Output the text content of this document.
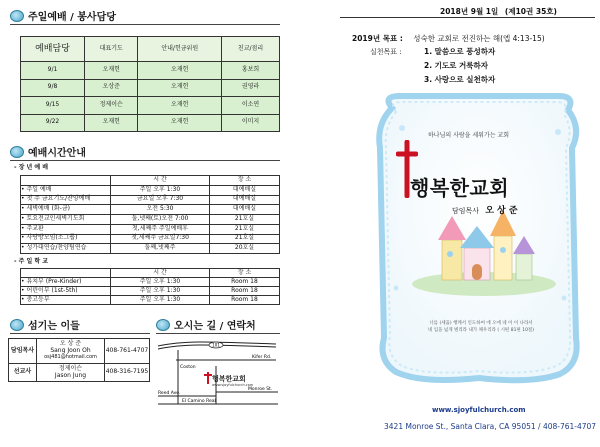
주일예배 / 봉사담당
예배담당	대표기도	안내/헌금위원	친교/점리
9/1	오재헌	오재헌	홍보희
9/8	오상준	오재헌	권영라
9/15	정제이슨	오재헌	이소연
9/22	오재헌	오재헌	이미지
예배시간안내
- 장 년 예 배
	시 간	장 소
• 주일 예배	주일 오후 1:30	대예배실
• 첫 주 금요기도/찬양예배	금요일 오후 7:30	대예배실
• 새벽예배 (화-금)	오전 5:30	대예배실
• 토요전교인새벽기도회	둘,넷째(토)오전 7:00	21호실
• 주교환	첫,세째주 주일예배후	21호실
• 사랑방모임(소그룹)	첫,세째주 금요일7:30	21호실
• 성가대연습/찬양팀연습	둘째,넷째주	20호실
- 주 일 학 교
	시 간	장 소
• 유치부 (Pre-Kinder)	주일 오후 1:30	Room 18
• 어린이부 (1st-5th)	주일 오후 1:30	Room 18
• 중고등부	주일 오후 1:30	Room 18
섬기는 이들
담임목사	오 상 준
Sang Joon Oh
osj481@hotmail.com	408-761-4707
선교사	정제이슨
Jason Jung	408-316-7195
오시는 길 / 연락처
101
Kifer Rd.
Coston
Monroe St.
Reed Ave.
El Camino Real
행복한교회
www.sjoyfulchurch.com
2018년 9월 1일 (제10권 35호)
2019년 목표 : 성숙한 교회로 전진하는 해(엡 4:13-15)
실천목표 :	1. 말씀으로 풍성하자
2. 기도로 거룩하자
3. 사랑으로 실천하자
하나님의 사람을 세워가는 교회
행복한교회
담임목사 오 상 준
너를 (세움) 행케서 인도하여 에 오에 네 이 이 나라서
네 입을 넓게 벌리라 내가 채우리라 ( 시편 81편 10절)
www.sjoyfulchurch.com
3421 Monroe St., Santa Clara, CA 95051 / 408-761-4707
